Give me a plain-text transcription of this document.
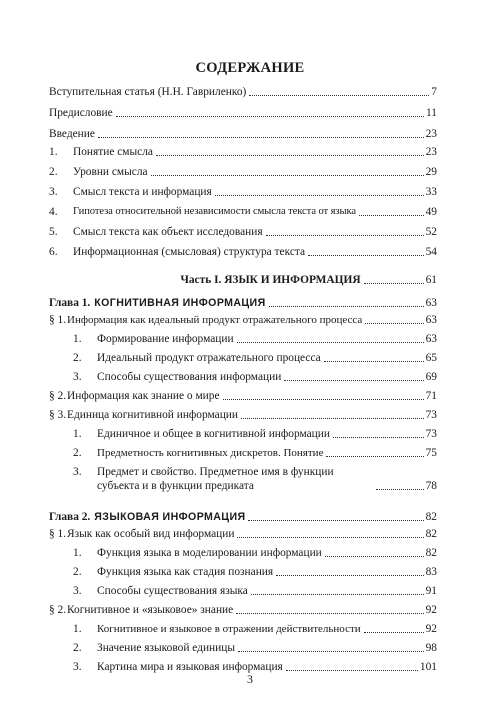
СОДЕРЖАНИЕ
Вступительная статья (Н.Н. Гавриленко)	7
Предисловие	11
Введение	23
1.	Понятие смысла	23
2.	Уровни смысла	29
3.	Смысл текста и информация	33
4.	Гипотеза относительной независимости смысла текста от языка	49
5.	Смысл текста как объект исследования	52
6.	Информационная (смысловая) структура текста	54
Часть I. ЯЗЫК И ИНФОРМАЦИЯ	61
Глава 1. КОГНИТИВНАЯ ИНФОРМАЦИЯ	63
§ 1. Информация как идеальный продукт отражательного процесса	63
1.	Формирование информации	63
2.	Идеальный продукт отражательного процесса	65
3.	Способы существования информации	69
§ 2. Информация как знание о мире	71
§ 3. Единица когнитивной информации	73
1.	Единичное и общее в когнитивной информации	73
2.	Предметность когнитивных дискретов. Понятие	75
3.	Предмет и свойство. Предметное имя в функции субъекта и в функции предиката	78
Глава 2. ЯЗЫКОВАЯ ИНФОРМАЦИЯ	82
§ 1. Язык как особый вид информации	82
1.	Функция языка в моделировании информации	82
2.	Функция языка как стадия познания	83
3.	Способы существования языка	91
§ 2. Когнитивное и «языковое» знание	92
1.	Когнитивное и языковое в отражении действительности	92
2.	Значение языковой единицы	98
3.	Картина мира и языковая информация	101
3
